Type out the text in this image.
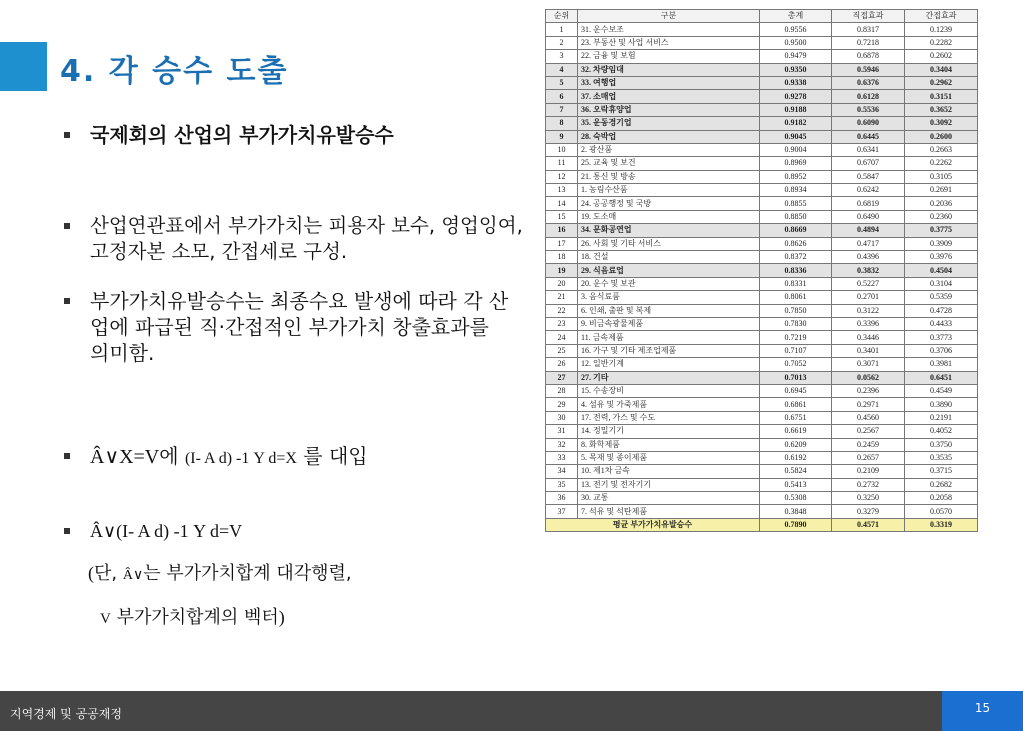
4. 각 승수 도출
국제회의 산업의 부가가치유발승수
산업연관표에서 부가가치는 피용자 보수, 영업잉여, 고정자본 소모, 간접세로 구성.
부가가치유발승수는 최종수요 발생에 따라 각 산업에 파급된 직·간접적인 부가가치 창출효과를 의미함.
Â∨X=V에 (I- A d) -1 Υ d=X 를 대입
Â∨(I- A d) -1 Υ d=V
(단, Â∨는 부가가치합계 대각행렬,
V 부가가치합계의 벡터)
순위	구분	총계	직접효과	간접효과
1	31. 운수보조	0.9556	0.8317	0.1239
2	23. 부동산 및 사업 서비스	0.9500	0.7218	0.2282
3	22. 금융 및 보험	0.9479	0.6878	0.2602
4	32. 차량임대	0.9350	0.5946	0.3404
5	33. 여행업	0.9338	0.6376	0.2962
6	37. 소매업	0.9278	0.6128	0.3151
7	36. 오락휴양업	0.9188	0.5536	0.3652
8	35. 운동경기업	0.9182	0.6090	0.3092
9	28. 숙박업	0.9045	0.6445	0.2600
10	2. 광산품	0.9004	0.6341	0.2663
11	25. 교육 및 보건	0.8969	0.6707	0.2262
12	21. 통신 및 방송	0.8952	0.5847	0.3105
13	1. 농림수산품	0.8934	0.6242	0.2691
14	24. 공공행정 및 국방	0.8855	0.6819	0.2036
15	19. 도소매	0.8850	0.6490	0.2360
16	34. 문화공연업	0.8669	0.4894	0.3775
17	26. 사회 및 기타 서비스	0.8626	0.4717	0.3909
18	18. 건설	0.8372	0.4396	0.3976
19	29. 식음료업	0.8336	0.3832	0.4504
20	20. 운수 및 보관	0.8331	0.5227	0.3104
21	3. 음식료품	0.8061	0.2701	0.5359
22	6. 인쇄, 출판 및 복제	0.7850	0.3122	0.4728
23	9. 비금속광물제품	0.7830	0.3396	0.4433
24	11. 금속제품	0.7219	0.3446	0.3773
25	16. 가구 및 기타 제조업제품	0.7107	0.3401	0.3706
26	12. 일반기계	0.7052	0.3071	0.3981
27	27. 기타	0.7013	0.0562	0.6451
28	15. 수송장비	0.6945	0.2396	0.4549
29	4. 섬유 및 가죽제품	0.6861	0.2971	0.3890
30	17. 전력, 가스 및 수도	0.6751	0.4560	0.2191
31	14. 정밀기기	0.6619	0.2567	0.4052
32	8. 화학제품	0.6209	0.2459	0.3750
33	5. 목재 및 종이제품	0.6192	0.2657	0.3535
34	10. 제1차 금속	0.5824	0.2109	0.3715
35	13. 전기 및 전자기기	0.5413	0.2732	0.2682
36	30. 교통	0.5308	0.3250	0.2058
37	7. 석유 및 석탄제품	0.3848	0.3279	0.0570
평균 부가가치유발승수		0.7890	0.4571	0.3319
지역경제 및 공공재정	15
